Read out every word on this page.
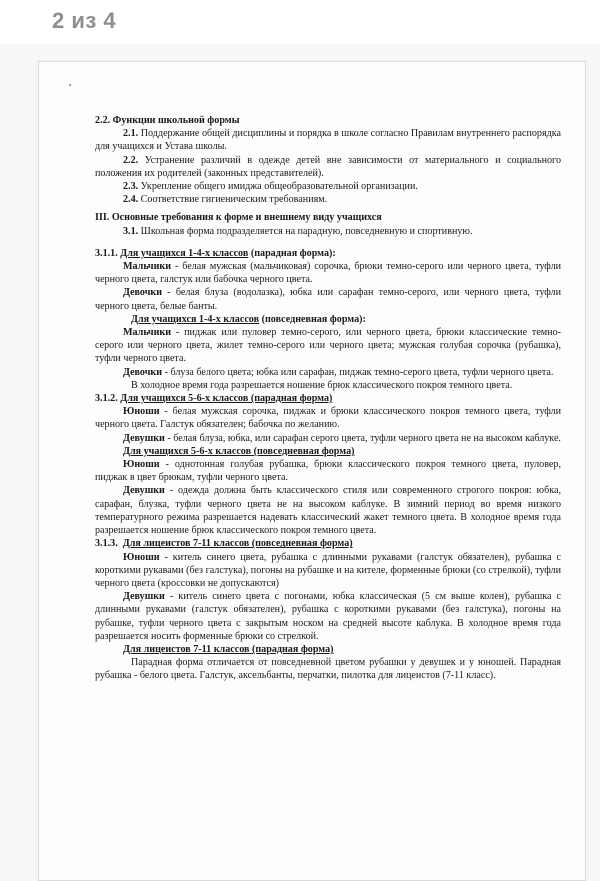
2 из 4

2.2. Функции школьной формы

2.1. Поддержание общей дисциплины и порядка в школе согласно Правилам внутреннего распорядка для учащихся и Устава школы.

2.2. Устранение различий в одежде детей вне зависимости от материального и социального положения их родителей (законных представителей).

2.3. Укрепление общего имиджа общеобразовательной организации.

2.4. Соответствие гигиеническим требованиям.

III. Основные требования к форме и внешнему виду учащихся

3.1. Школьная форма подразделяется на парадную, повседневную и спортивную.

3.1.1. Для учащихся 1-4-х классов (парадная форма):

Мальчики - белая мужская (мальчиковая) сорочка, брюки темно-серого или черного цвета, туфли черного цвета, галстук или бабочка черного цвета.

Девочки - белая блуза (водолазка), юбка или сарафан темно-серого, или черного цвета, туфли черного цвета, белые банты.

Для учащихся 1-4-х классов (повседневная форма):

Мальчики - пиджак или пуловер темно-серого, или черного цвета, брюки классические темно-серого или черного цвета, жилет темно-серого или черного цвета; мужская голубая сорочка (рубашка), туфли черного цвета.

Девочки - блуза белого цвета; юбка или сарафан, пиджак темно-серого цвета, туфли черного цвета.

В холодное время года разрешается ношение брюк классического покроя темного цвета.

3.1.2. Для учащихся 5-6-х классов (парадная форма)

Юноши - белая мужская сорочка, пиджак и брюки классического покроя темного цвета, туфли черного цвета. Галстук обязателен; бабочка по желанию.

Девушки - белая блуза, юбка, или сарафан серого цвета, туфли черного цвета не на высоком каблуке.

Для учащихся 5-6-х классов (повседневная форма)

Юноши - однотонная голубая рубашка, брюки классического покроя темного цвета, пуловер, пиджак в цвет брюкам, туфли черного цвета.

Девушки - одежда должна быть классического стиля или современного строгого покроя: юбка, сарафан, блузка, туфли черного цвета не на высоком каблуке. В зимний период во время низкого температурного режима разрешается надевать классический жакет темного цвета. В холодное время года разрешается ношение брюк классического покроя темного цвета.

3.1.3. Для лицеистов 7-11 классов (повседневная форма)

Юноши - китель синего цвета, рубашка с длинными рукавами (галстук обязателен), рубашка с короткими рукавами (без галстука), погоны на рубашке и на кителе, форменные брюки (со стрелкой), туфли черного цвета (кроссовки не допускаются)

Девушки - китель синего цвета с погонами, юбка классическая (5 см выше колен), рубашка с длинными рукавами (галстук обязателен), рубашка с короткими рукавами (без галстука), погоны на рубашке, туфли черного цвета с закрытым носком на средней высоте каблука. В холодное время года разрешается носить форменные брюки со стрелкой.

Для лицеистов 7-11 классов (парадная форма)

Парадная форма отличается от повседневной цветом рубашки у девушек и у юношей. Парадная рубашка - белого цвета. Галстук, аксельбанты, перчатки, пилотка для лицеистов (7-11 класс).
